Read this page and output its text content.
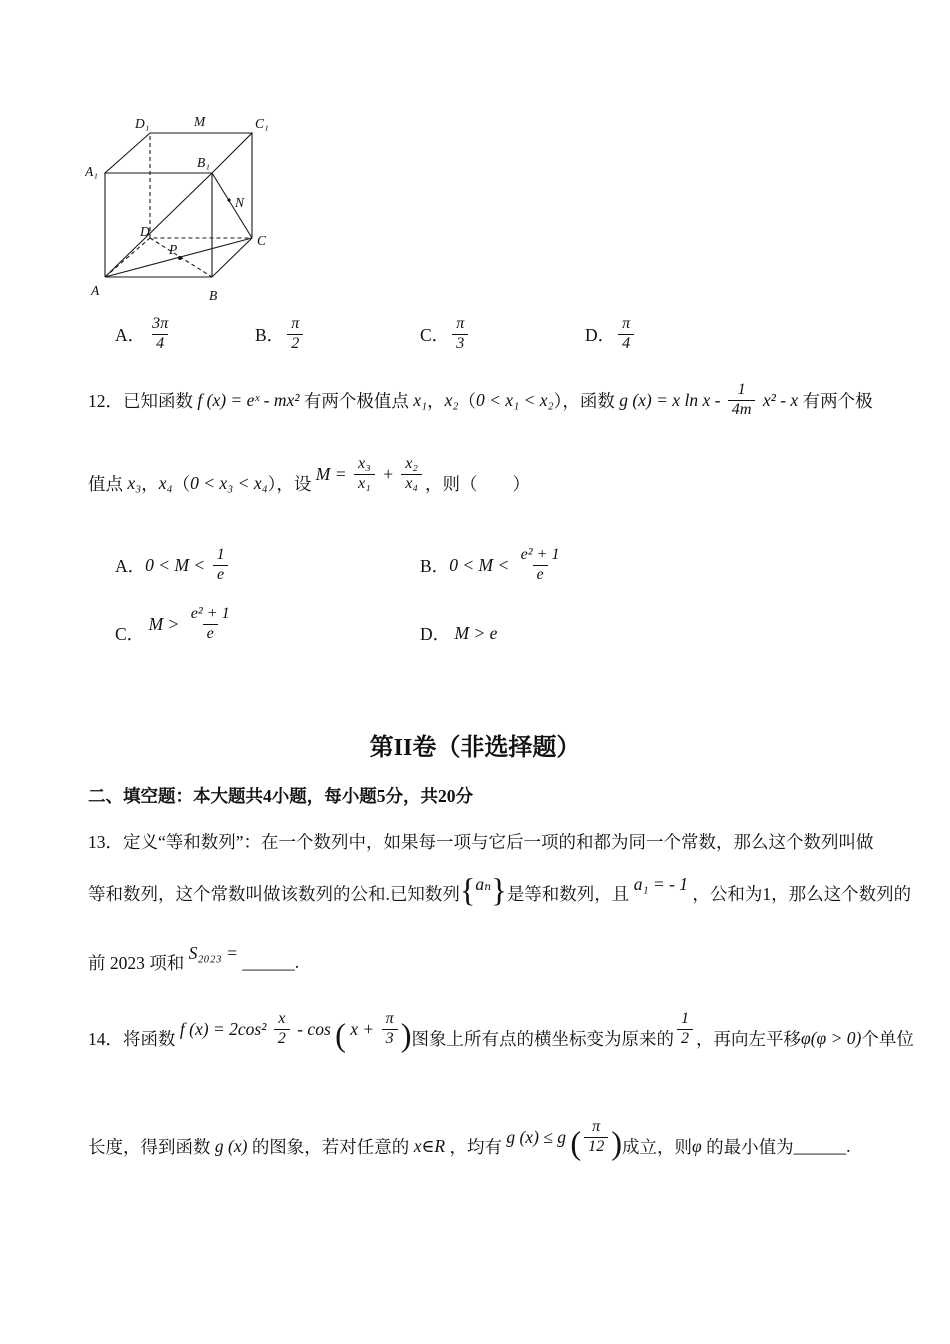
D₁	M	C₁
A₁
B₁
N
D
P
C
A	B
A． $\frac{3\pi}{4}$	B． $\frac{\pi}{2}$	C． $\frac{\pi}{3}$	D． $\frac{\pi}{4}$
12．已知函数 f (x) = eˣ - mx² 有两个极值点 x₁ ， x₂ （ 0 < x₁ < x₂ ），函数 g (x) = x ln x - $\frac{1}{4m} x^2$ - x 有两个极
值点 x₃ ， x₄ （ 0 < x₃ < x₄ ），设 $M = \frac{\text{x₃}}{\text{x₁}} + \frac{\text{x₂}}{\text{x₄}}$ ，则（　　）
A． $0 < M < \frac{1}{e}$	B． $0 < M < \frac{\text{e² + 1}}{e}$
C． $M > \frac{\text{e² + 1}}{e}$	D． M > e
第II卷（非选择题）
二、填空题：本大题共4小题，每小题5分，共20分
13．定义“等和数列”：在一个数列中，如果每一项与它后一项的和都为同一个常数，那么这个数列叫做
等和数列，这个常数叫做该数列的公和.已知数列 { aₙ } 是等和数列，且 a₁ = - 1 ，公和为1，那么这个数列的
前 2023 项和 S₂₀₂₃ = ______.
14．将函数 f $(x) = 2\cos^2 \frac{x}{2} - \cos$ ( $x + \frac{\pi}{3}$ ) 图象上所有点的横坐标变为原来的 $\frac{1}{2}$ ，再向左平移 φ(φ > 0) 个单位
长度，得到函数 g (x) 的图象，若对任意的 x∈R ，均有 g (x) ≤ g ( $\frac{\pi}{12}$ ) 成立，则 φ 的最小值为 ______.
